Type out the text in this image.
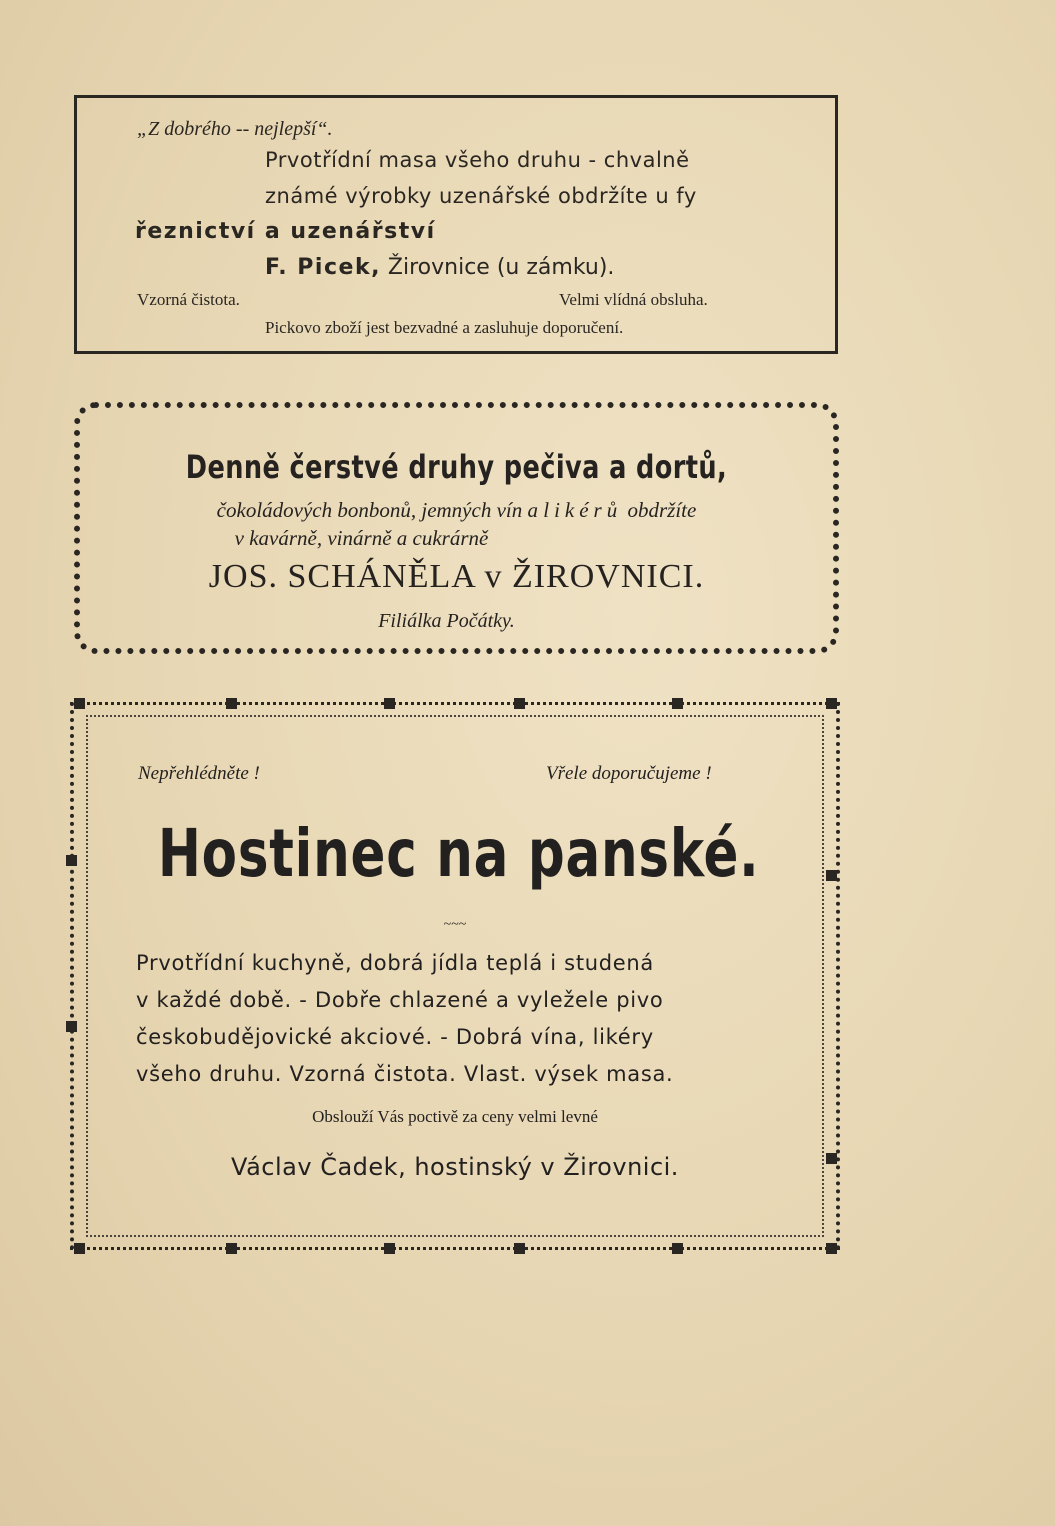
„Z dobrého -- nejlepší“.
Prvotřídní masa všeho druhu - chvalně
známé výrobky uzenářské obdržíte u fy
řeznictví a uzenářství
F. Picek, Žirovnice (u zámku).
Vzorná čistota.	Velmi vlídná obsluha.
Pickovo zboží jest bezvadné a zasluhuje doporučení.
Denně čerstvé druhy pečiva a dortů,
čokoládových bonbonů, jemných vín a likérů obdržíte
v kavárně, vinárně a cukrárně
JOS. SCHÁNĚLA v ŽIROVNICI.
Filiálka Počátky.
Nepřehlédněte !	Vřele doporučujeme !
Hostinec na panské.
~~~
Prvotřídní kuchyně, dobrá jídla teplá i studená
v každé době. - Dobře chlazené a vyležele pivo
českobudějovické akciové. - Dobrá vína, likéry
všeho druhu. Vzorná čistota. Vlast. výsek masa.
Obslouží Vás poctivě za ceny velmi levné
Václav Čadek, hostinský v Žirovnici.
